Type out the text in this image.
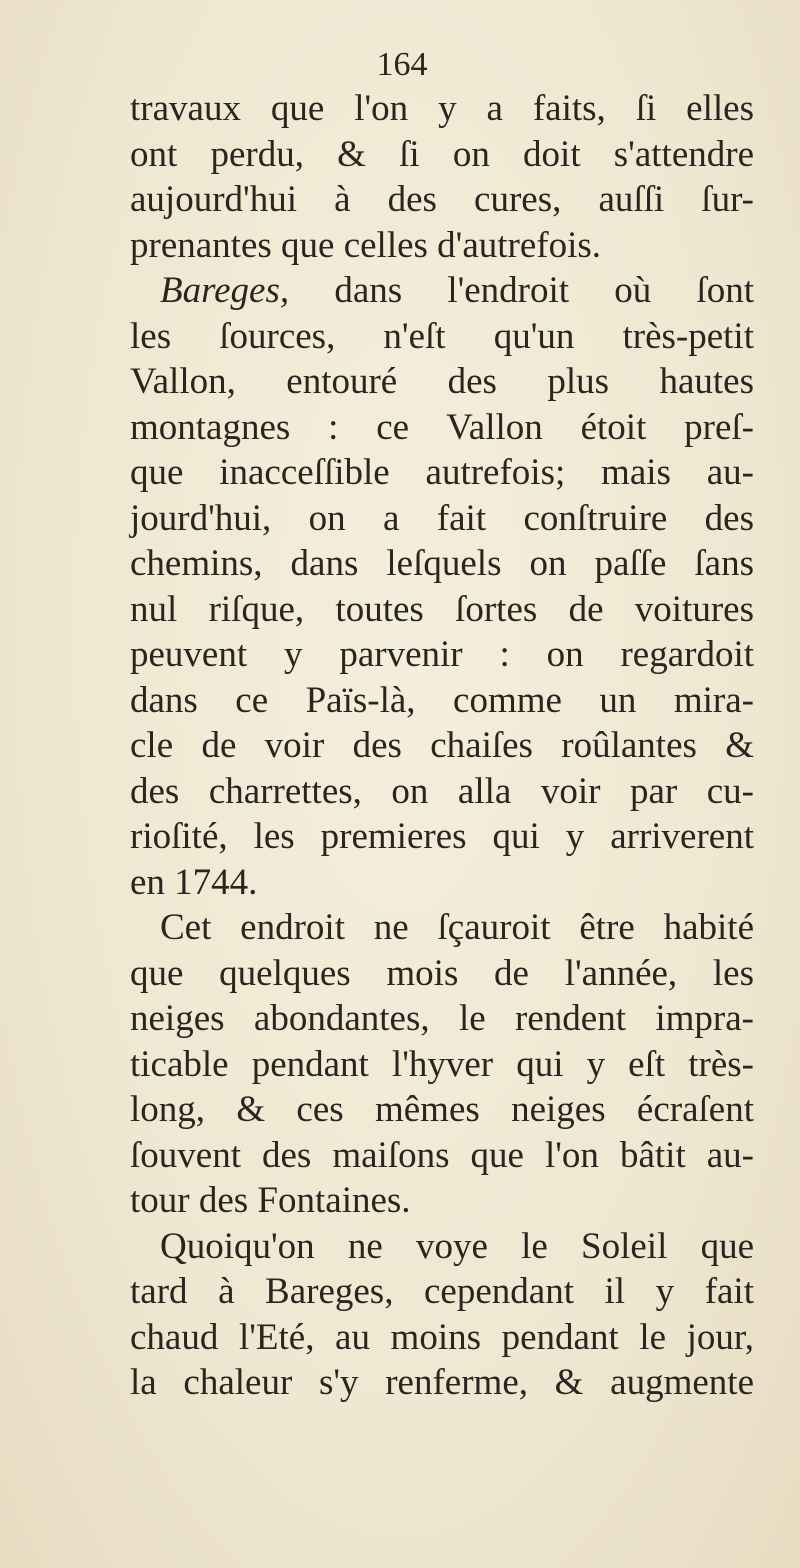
164
travaux que l'on y a faits, ſi elles
ont perdu, & ſi on doit s'attendre
aujourd'hui à des cures, auſſi ſur-
prenantes que celles d'autrefois.
Bareges, dans l'endroit où ſont
les ſources, n'eſt qu'un très-petit
Vallon, entouré des plus hautes
montagnes : ce Vallon étoit preſ-
que inacceſſible autrefois; mais au-
jourd'hui, on a fait conſtruire des
chemins, dans leſquels on paſſe ſans
nul riſque, toutes ſortes de voitures
peuvent y parvenir : on regardoit
dans ce Païs-là, comme un mira-
cle de voir des chaiſes roûlantes &
des charrettes, on alla voir par cu-
rioſité, les premieres qui y arriverent
en 1744.
Cet endroit ne ſçauroit être habité
que quelques mois de l'année, les
neiges abondantes, le rendent impra-
ticable pendant l'hyver qui y eſt très-
long, & ces mêmes neiges écraſent
ſouvent des maiſons que l'on bâtit au-
tour des Fontaines.
Quoiqu'on ne voye le Soleil que
tard à Bareges, cependant il y fait
chaud l'Eté, au moins pendant le jour,
la chaleur s'y renferme, & augmente
